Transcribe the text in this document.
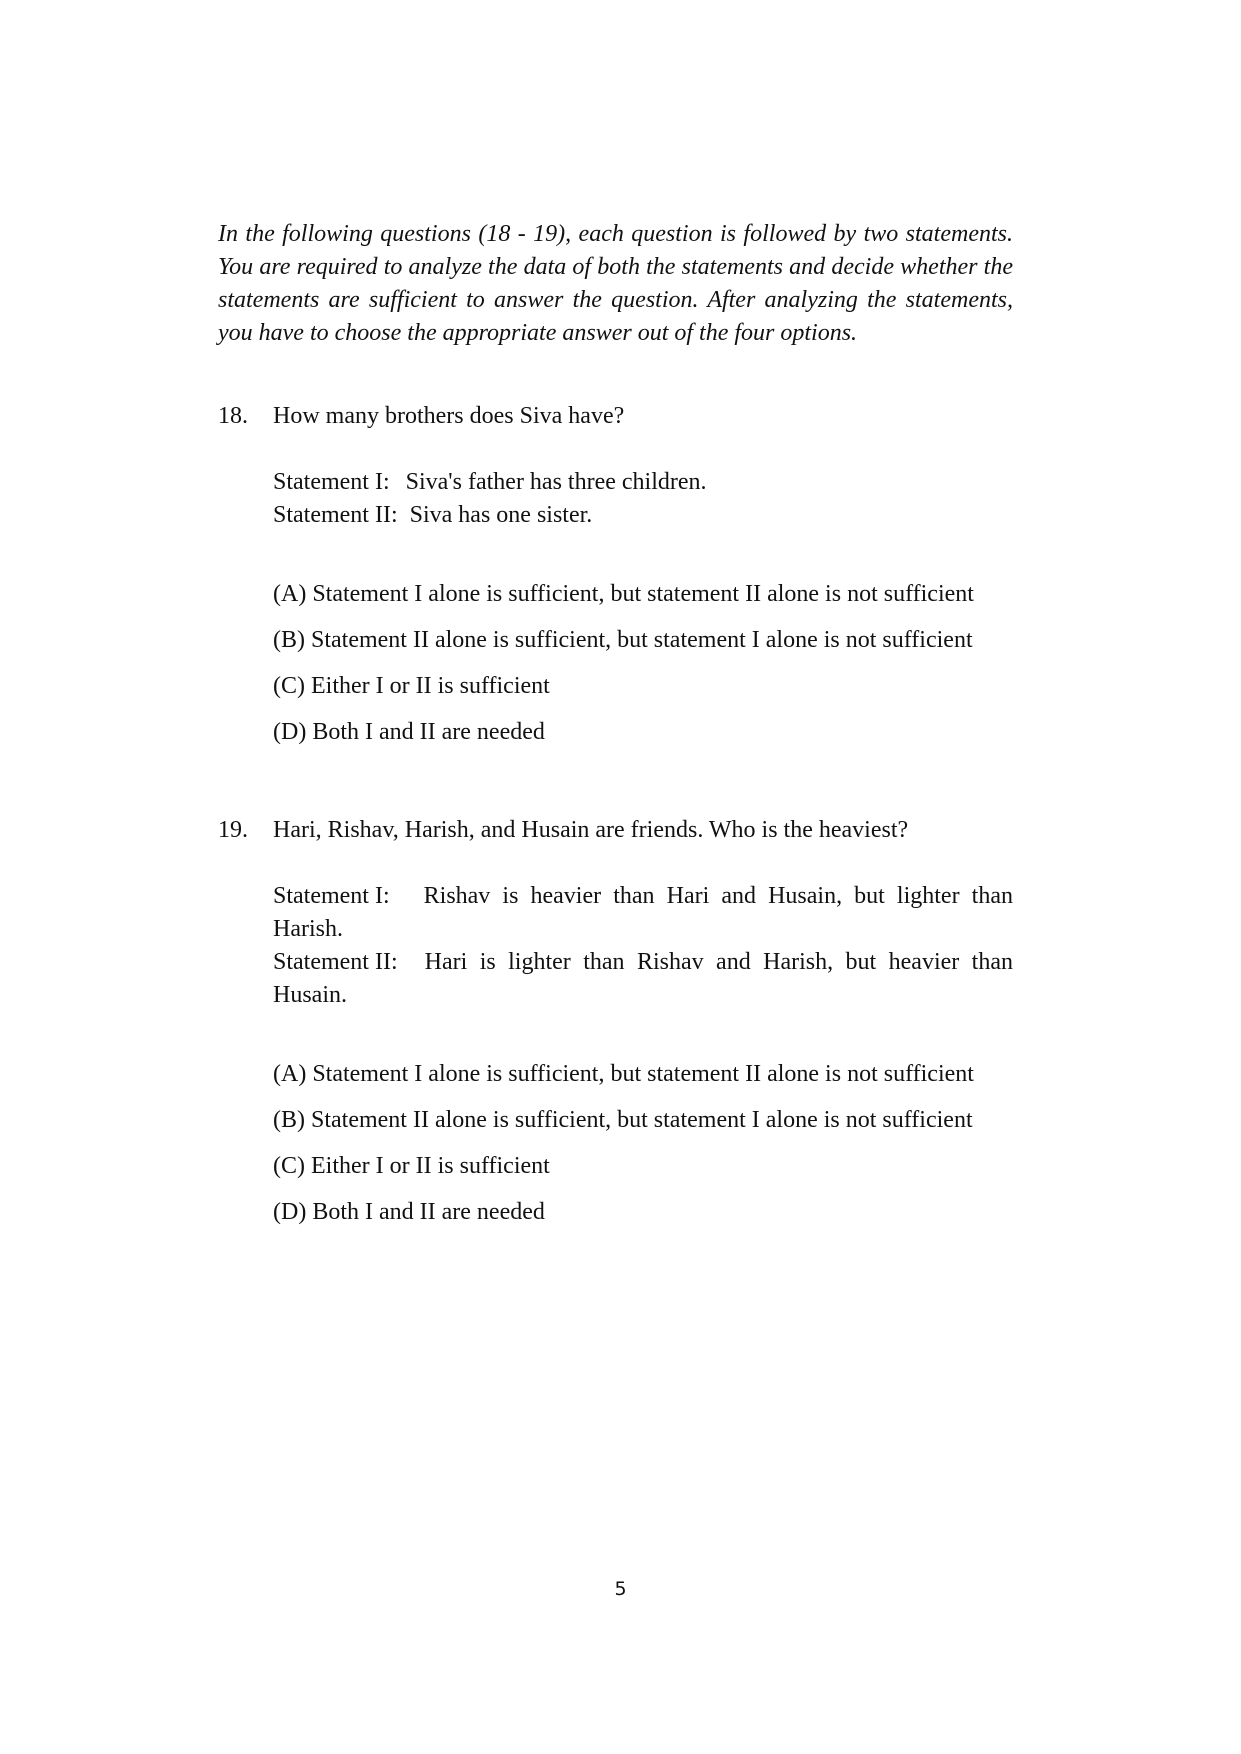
In the following questions (18 - 19), each question is followed by two statements. You are required to analyze the data of both the statements and decide whether the statements are sufficient to answer the question. After analyzing the statements, you have to choose the appropriate answer out of the four options.

18.	How many brothers does Siva have?
Statement I: Siva's father has three children.
Statement II: Siva has one sister.
(A) Statement I alone is sufficient, but statement II alone is not sufficient
(B) Statement II alone is sufficient, but statement I alone is not sufficient
(C) Either I or II is sufficient
(D) Both I and II are needed
19.	Hari, Rishav, Harish, and Husain are friends. Who is the heaviest?
Statement I: Rishav is heavier than Hari and Husain, but lighter than Harish.
Statement II: Hari is lighter than Rishav and Harish, but heavier than Husain.
(A) Statement I alone is sufficient, but statement II alone is not sufficient
(B) Statement II alone is sufficient, but statement I alone is not sufficient
(C) Either I or II is sufficient
(D) Both I and II are needed
5
